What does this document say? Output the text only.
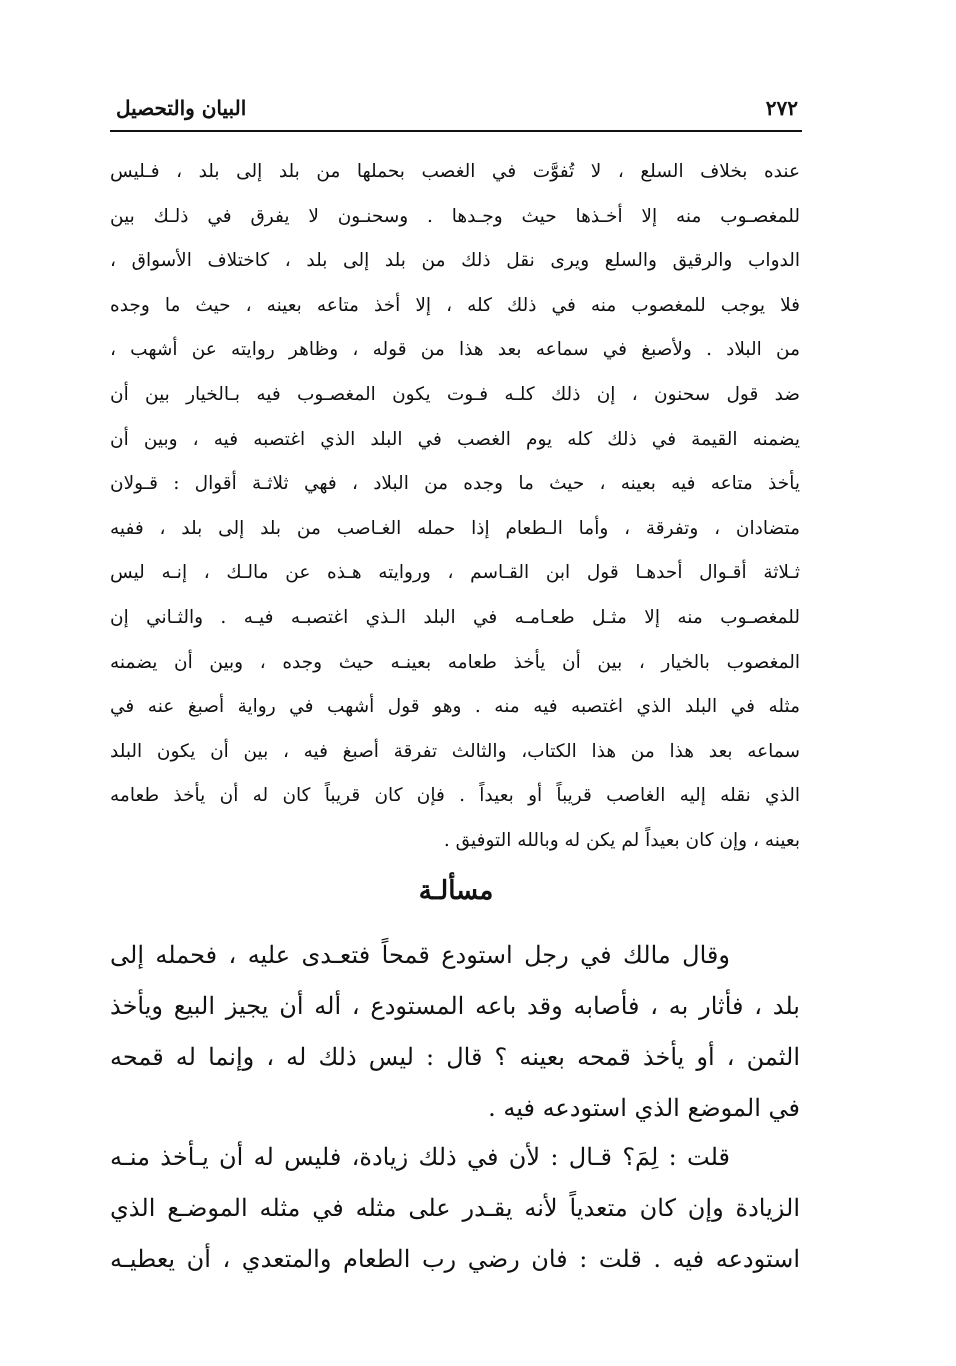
٢٧٢
البيان والتحصيل
عنده بخلاف السلع ، لا تُفوَّت في الغصب بحملها من بلد إلى بلد ، فـليس
للمغصـوب منه إلا أخـذها حيث وجـدها . وسحنـون لا يفرق في ذلـك بين
الدواب والرقيق والسلع ويرى نقل ذلك من بلد إلى بلد ، كاختلاف الأسواق ،
فلا يوجب للمغصوب منه في ذلك كله ، إلا أخذ متاعه بعينه ، حيث ما وجده
من البلاد . ولأصبغ في سماعه بعد هذا من قوله ، وظاهر روايته عن أشهب ،
ضد قول سحنون ، إن ذلك كلـه فـوت يكون المغصـوب فيه بـالخيار بين أن
يضمنه القيمة في ذلك كله يوم الغصب في البلد الذي اغتصبه فيه ، وبين أن
يأخذ متاعه فيه بعينه ، حيث ما وجده من البلاد ، فهي ثلاثـة أقوال : قـولان
متضادان ، وتفرقة ، وأما الـطعام إذا حمله الغـاصب من بلد إلى بلد ، ففيه
ثـلاثة أقـوال أحدهـا قول ابن القـاسم ، وروايته هـذه عن مالـك ، إنـه ليس
للمغصـوب منه إلا مثـل طعـامـه في البلد الـذي اغتصبـه فيـه . والثـاني إن
المغصوب بالخيار ، بين أن يأخذ طعامه بعينـه حيث وجده ، وبين أن يضمنه
مثله في البلد الذي اغتصبه فيه منه . وهو قول أشهب في رواية أصبغ عنه في
سماعه بعد هذا من هذا الكتاب، والثالث تفرقة أصبغ فيه ، بين أن يكون البلد
الذي نقله إليه الغاصب قريباً أو بعيداً . فإن كان قريباً كان له أن يأخذ طعامه
بعينه ، وإن كان بعيداً لم يكن له وبالله التوفيق .
مسألـة
وقال مالك في رجل استودع قمحاً فتعـدى عليه ، فحمله إلى
بلد ، فأثار به ، فأصابه وقد باعه المستودع ، أله أن يجيز البيع ويأخذ
الثمن ، أو يأخذ قمحه بعينه ؟ قال : ليس ذلك له ، وإنما له قمحه
في الموضع الذي استودعه فيه .
قلت : لِمَ؟ قـال : لأن في ذلك زيادة، فليس له أن يـأخذ منـه
الزيادة وإن كان متعدياً لأنه يقـدر على مثله في مثله الموضـع الذي
استودعه فيه . قلت : فان رضي رب الطعام والمتعدي ، أن يعطيـه
